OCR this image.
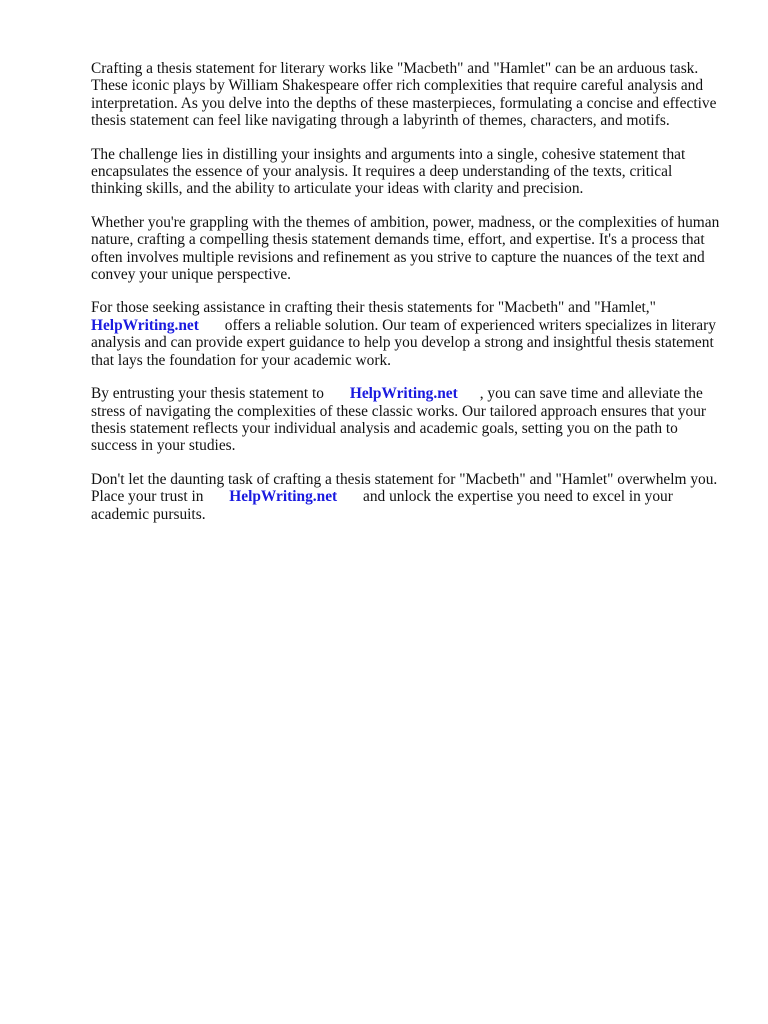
Crafting a thesis statement for literary works like "Macbeth" and "Hamlet" can be an arduous task. These iconic plays by William Shakespeare offer rich complexities that require careful analysis and interpretation. As you delve into the depths of these masterpieces, formulating a concise and effective thesis statement can feel like navigating through a labyrinth of themes, characters, and motifs.

The challenge lies in distilling your insights and arguments into a single, cohesive statement that encapsulates the essence of your analysis. It requires a deep understanding of the texts, critical thinking skills, and the ability to articulate your ideas with clarity and precision.

Whether you're grappling with the themes of ambition, power, madness, or the complexities of human nature, crafting a compelling thesis statement demands time, effort, and expertise. It's a process that often involves multiple revisions and refinement as you strive to capture the nuances of the text and convey your unique perspective.

For those seeking assistance in crafting their thesis statements for "Macbeth" and "Hamlet,"
HelpWriting.net offers a reliable solution. Our team of experienced writers specializes in literary analysis and can provide expert guidance to help you develop a strong and insightful thesis statement that lays the foundation for your academic work.

By entrusting your thesis statement to HelpWriting.net , you can save time and alleviate the stress of navigating the complexities of these classic works. Our tailored approach ensures that your thesis statement reflects your individual analysis and academic goals, setting you on the path to success in your studies.

Don't let the daunting task of crafting a thesis statement for "Macbeth" and "Hamlet" overwhelm you. Place your trust in HelpWriting.net and unlock the expertise you need to excel in your academic pursuits.
